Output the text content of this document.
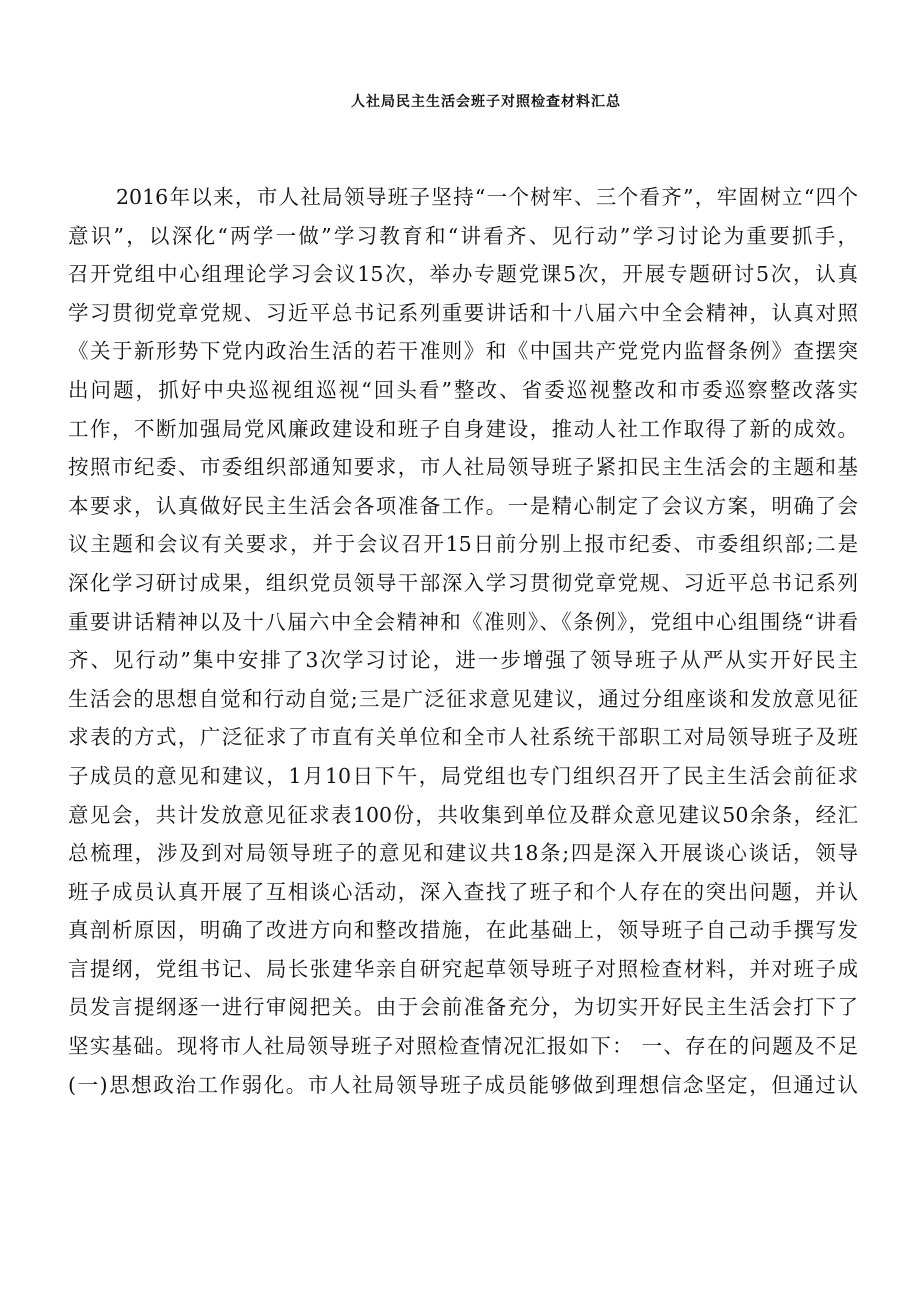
人社局民主生活会班子对照检查材料汇总
2016年以来，市人社局领导班子坚持“一个树牢、三个看齐”，牢固树立“四个
意识”，以深化“两学一做”学习教育和“讲看齐、见行动”学习讨论为重要抓手，
召开党组中心组理论学习会议15次，举办专题党课5次，开展专题研讨5次，认真
学习贯彻党章党规、习近平总书记系列重要讲话和十八届六中全会精神，认真对照
《关于新形势下党内政治生活的若干准则》和《中国共产党党内监督条例》查摆突
出问题，抓好中央巡视组巡视“回头看”整改、省委巡视整改和市委巡察整改落实
工作，不断加强局党风廉政建设和班子自身建设，推动人社工作取得了新的成效。
按照市纪委、市委组织部通知要求，市人社局领导班子紧扣民主生活会的主题和基
本要求，认真做好民主生活会各项准备工作。一是精心制定了会议方案，明确了会
议主题和会议有关要求，并于会议召开15日前分别上报市纪委、市委组织部;二是
深化学习研讨成果，组织党员领导干部深入学习贯彻党章党规、习近平总书记系列
重要讲话精神以及十八届六中全会精神和《准则》、《条例》，党组中心组围绕“讲看
齐、见行动”集中安排了3次学习讨论，进一步增强了领导班子从严从实开好民主
生活会的思想自觉和行动自觉;三是广泛征求意见建议，通过分组座谈和发放意见征
求表的方式，广泛征求了市直有关单位和全市人社系统干部职工对局领导班子及班
子成员的意见和建议，1月10日下午，局党组也专门组织召开了民主生活会前征求
意见会，共计发放意见征求表100份，共收集到单位及群众意见建议50余条，经汇
总梳理，涉及到对局领导班子的意见和建议共18条;四是深入开展谈心谈话，领导
班子成员认真开展了互相谈心活动，深入查找了班子和个人存在的突出问题，并认
真剖析原因，明确了改进方向和整改措施，在此基础上，领导班子自己动手撰写发
言提纲，党组书记、局长张建华亲自研究起草领导班子对照检查材料，并对班子成
员发言提纲逐一进行审阅把关。由于会前准备充分，为切实开好民主生活会打下了
坚实基础。现将市人社局领导班子对照检查情况汇报如下： 一、存在的问题及不足
(一)思想政治工作弱化。市人社局领导班子成员能够做到理想信念坚定，但通过认
